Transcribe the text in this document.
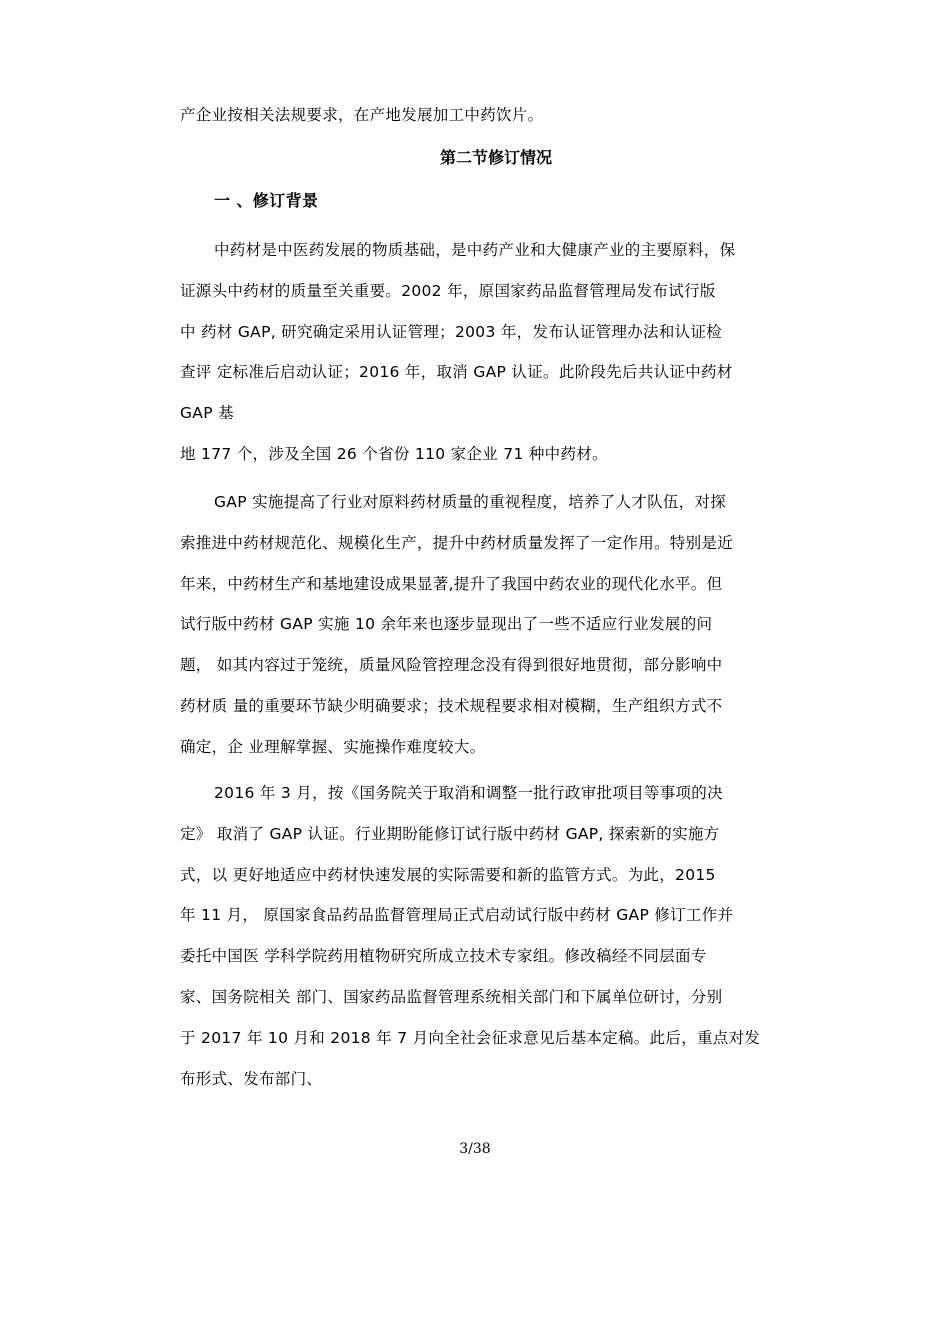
产企业按相关法规要求，在产地发展加工中药饮片。
第二节修订情况
一 、修订背景
中药材是中医药发展的物质基础，是中药产业和大健康产业的主要原料，保
证源头中药材的质量至关重要。2002 年，原国家药品监督管理局发布试行版
中 药材 GAP, 研究确定采用认证管理；2003 年，发布认证管理办法和认证检
查评 定标准后启动认证；2016 年，取消 GAP 认证。此阶段先后共认证中药材
GAP 基
地 177 个，涉及全国 26 个省份 110 家企业 71 种中药材。
GAP 实施提高了行业对原料药材质量的重视程度，培养了人才队伍，对探
索推进中药材规范化、规模化生产，提升中药材质量发挥了一定作用。特别是近
年来，中药材生产和基地建设成果显著,提升了我国中药农业的现代化水平。但
试行版中药材 GAP 实施 10 余年来也逐步显现出了一些不适应行业发展的问
题， 如其内容过于笼统，质量风险管控理念没有得到很好地贯彻，部分影响中
药材质 量的重要环节缺少明确要求；技术规程要求相对模糊，生产组织方式不
确定，企 业理解掌握、实施操作难度较大。
2016 年 3 月，按《国务院关于取消和调整一批行政审批项目等事项的决
定》 取消了 GAP 认证。行业期盼能修订试行版中药材 GAP, 探索新的实施方
式，以 更好地适应中药材快速发展的实际需要和新的监管方式。为此，2015
年 11 月， 原国家食品药品监督管理局正式启动试行版中药材 GAP 修订工作并
委托中国医 学科学院药用植物研究所成立技术专家组。修改稿经不同层面专
家、国务院相关 部门、国家药品监督管理系统相关部门和下属单位研讨，分别
于 2017 年 10 月和 2018 年 7 月向全社会征求意见后基本定稿。此后，重点对发
布形式、发布部门、
3/38
